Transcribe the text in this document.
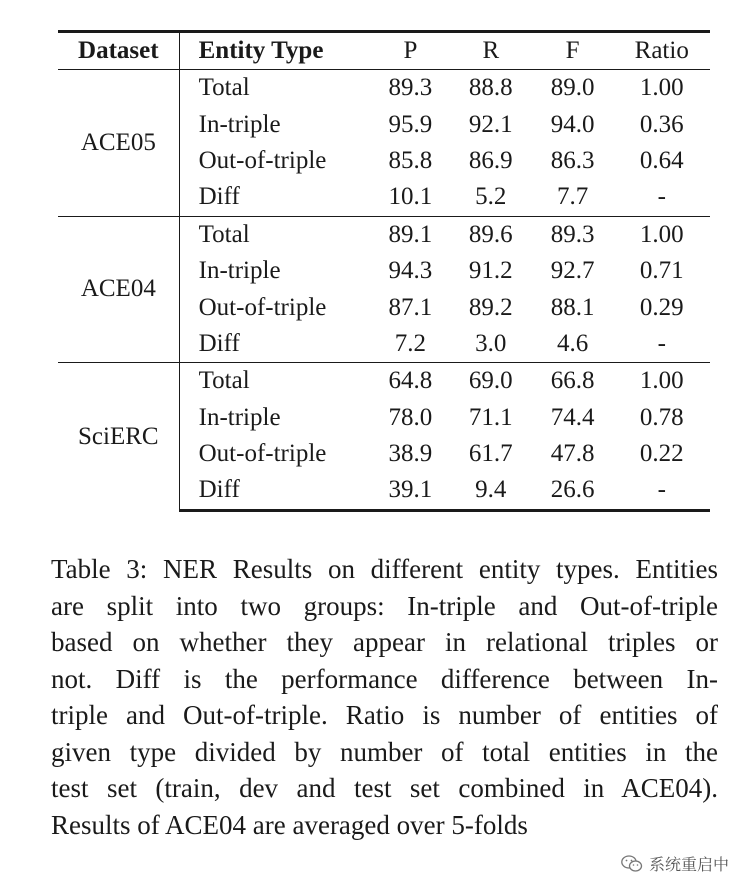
Dataset	Entity Type	P	R	F	Ratio
ACE05	Total	89.3	88.8	89.0	1.00
	In-triple	95.9	92.1	94.0	0.36
	Out-of-triple	85.8	86.9	86.3	0.64
	Diff	10.1	5.2	7.7	-
ACE04	Total	89.1	89.6	89.3	1.00
	In-triple	94.3	91.2	92.7	0.71
	Out-of-triple	87.1	89.2	88.1	0.29
	Diff	7.2	3.0	4.6	-
SciERC	Total	64.8	69.0	66.8	1.00
	In-triple	78.0	71.1	74.4	0.78
	Out-of-triple	38.9	61.7	47.8	0.22
	Diff	39.1	9.4	26.6	-

Table 3: NER Results on different entity types. Entities
are split into two groups: In-triple and Out-of-triple
based on whether they appear in relational triples or
not. Diff is the performance difference between In-
triple and Out-of-triple. Ratio is number of entities of
given type divided by number of total entities in the
test set (train, dev and test set combined in ACE04).
Results of ACE04 are averaged over 5-folds

系统重启中
